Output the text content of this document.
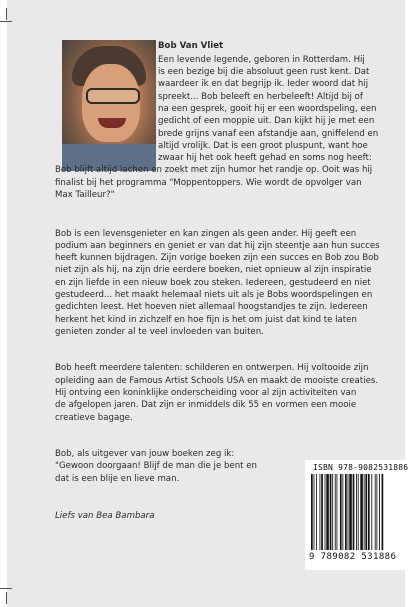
Bob Van Vliet
Een levende legende, geboren in Rotterdam. Hij
is een bezige bij die absoluut geen rust kent. Dat
waardeer ik en dat begrijp ik. Ieder woord dat hij
spreekt... Bob beleeft en herbeleeft! Altijd bij of
na een gesprek, gooit hij er een woordspeling, een
gedicht of een moppie uit. Dan kijkt hij je met een
brede grijns vanaf een afstandje aan, gniffelend en
altijd vrolijk. Dat is een groot pluspunt, want hoe
zwaar hij het ook heeft gehad en soms nog heeft:
Bob blijft altijd lachen en zoekt met zijn humor het randje op. Ooit was hij
finalist bij het programma "Moppentoppers. Wie wordt de opvolger van
Max Tailleur?"
Bob is een levensgenieter en kan zingen als geen ander. Hij geeft een
podium aan beginners en geniet er van dat hij zijn steentje aan hun succes
heeft kunnen bijdragen. Zijn vorige boeken zijn een succes en Bob zou Bob
niet zijn als hij, na zijn drie eerdere boeken, niet opnieuw al zijn inspiratie
en zijn liefde in een nieuw boek zou steken. Iedereen, gestudeerd en niet
gestudeerd... het maakt helemaal niets uit als je Bobs woordspelingen en
gedichten leest. Het hoeven niet allemaal hoogstandjes te zijn. Iedereen
herkent het kind in zichzelf en hoe fijn is het om juist dat kind te laten
genieten zonder al te veel invloeden van buiten.
Bob heeft meerdere talenten: schilderen en ontwerpen. Hij voltooide zijn
opleiding aan de Famous Artist Schools USA en maakt de mooiste creaties.
Hij ontving een koninklijke onderscheiding voor al zijn activiteiten van
de afgelopen jaren. Dat zijn er inmiddels dik 55 en vormen een mooie
creatieve bagage.
Bob, als uitgever van jouw boeken zeg ik:
"Gewoon doorgaan! Blijf de man die je bent en
dat is een blije en lieve man.
Liefs van Bea Bambara
ISBN 978-9082531886
9 789082 531886
